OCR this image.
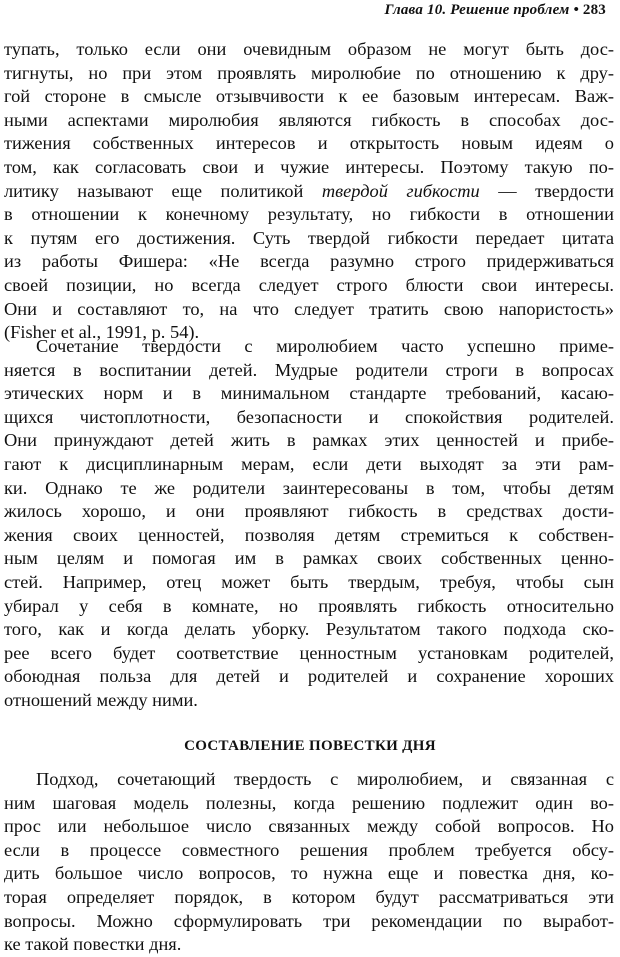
Глава 10. Решение проблем • 283
тупать, только если они очевидным образом не могут быть дос-
тигнуты, но при этом проявлять миролюбие по отношению к дру-
гой стороне в смысле отзывчивости к ее базовым интересам. Важ-
ными аспектами миролюбия являются гибкость в способах дос-
тижения собственных интересов и открытость новым идеям о
том, как согласовать свои и чужие интересы. Поэтому такую по-
литику называют еще политикой твердой гибкости — твердости
в отношении к конечному результату, но гибкости в отношении
к путям его достижения. Суть твердой гибкости передает цитата
из работы Фишера: «Не всегда разумно строго придерживаться
своей позиции, но всегда следует строго блюсти свои интересы.
Они и составляют то, на что следует тратить свою напористость»
(Fisher et al., 1991, p. 54).
Сочетание твердости с миролюбием часто успешно приме-
няется в воспитании детей. Мудрые родители строги в вопросах
этических норм и в минимальном стандарте требований, касаю-
щихся чистоплотности, безопасности и спокойствия родителей.
Они принуждают детей жить в рамках этих ценностей и прибе-
гают к дисциплинарным мерам, если дети выходят за эти рам-
ки. Однако те же родители заинтересованы в том, чтобы детям
жилось хорошо, и они проявляют гибкость в средствах дости-
жения своих ценностей, позволяя детям стремиться к собствен-
ным целям и помогая им в рамках своих собственных ценно-
стей. Например, отец может быть твердым, требуя, чтобы сын
убирал у себя в комнате, но проявлять гибкость относительно
того, как и когда делать уборку. Результатом такого подхода ско-
рее всего будет соответствие ценностным установкам родителей,
обоюдная польза для детей и родителей и сохранение хороших
отношений между ними.
СОСТАВЛЕНИЕ ПОВЕСТКИ ДНЯ
Подход, сочетающий твердость с миролюбием, и связанная с
ним шаговая модель полезны, когда решению подлежит один во-
прос или небольшое число связанных между собой вопросов. Но
если в процессе совместного решения проблем требуется обсу-
дить большое число вопросов, то нужна еще и повестка дня, ко-
торая определяет порядок, в котором будут рассматриваться эти
вопросы. Можно сформулировать три рекомендации по выработ-
ке такой повестки дня.
